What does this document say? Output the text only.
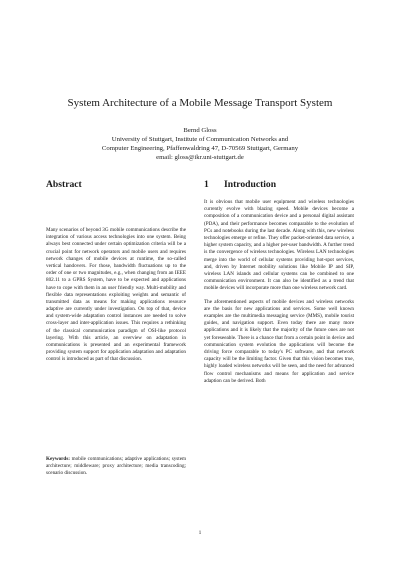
System Architecture of a Mobile Message Transport System
Bernd Gloss
University of Stuttgart, Institute of Communication Networks and
Computer Engineering, Pfaffenwaldring 47, D-70569 Stuttgart, Germany
email: gloss@ikr.uni-stuttgart.de
Abstract	1 Introduction

Many scenarios of beyond 3G mobile communications describe the integration of various access technologies into one system. Being always best connected under certain optimization criteria will be a crucial point for network operators and mobile users and requires network changes of mobile devices at runtime, the so-called vertical handovers. For those, bandwidth fluctuations up to the order of one or two magnitudes, e.g., when changing from an IEEE 802.11 to a GPRS System, have to be expected and applications have to cope with them in an user friendly way. Multi-mobility and flexible data representations exploiting weights and semantic of transmitted data as means for making applications resource adaptive are currently under investigation. On top of that, device and system-wide adaptation control instances are needed to solve cross-layer and inter-application issues. This requires a rethinking of the classical communication paradigm of OSI-like protocol layering. With this article, an overview on adaptation in communications is presented and an experimental framework providing system support for application adaptation and adaptation control is introduced as part of that discussion.

Keywords: mobile communications; adaptive applications; system architecture; middleware; proxy architecture; media transcoding; scenario discussion.

It is obvious that mobile user equipment and wireless technologies currently evolve with blazing speed. Mobile devices become a composition of a communication device and a personal digital assistant (PDA), and their performance becomes comparable to the evolution of PCs and notebooks during the last decade. Along with this, new wireless technologies emerge or refine. They offer packet-oriented data service, a higher system capacity, and a higher per-user bandwidth. A further trend is the convergence of wireless technologies. Wireless LAN technologies merge into the world of cellular systems providing hot-spot services, and, driven by Internet mobility solutions like Mobile IP and SIP, wireless LAN islands and cellular systems can be combined to one communication environment. It can also be identified as a trend that mobile devices will incorporate more than one wireless network card.

The aforementioned aspects of mobile devices and wireless networks are the basis for new applications and services. Some well known examples are the multimedia messaging service (MMS), mobile tourist guides, and navigation support. Even today there are many more applications and it is likely that the majority of the future ones are not yet foreseeable. There is a chance that from a certain point in device and communication system evolution the applications will become the driving force comparable to today's PC software, and that network capacity will be the limiting factor. Given that this vision becomes true, highly loaded wireless networks will be seen, and the need for advanced flow control mechanisms and means for application and service adaption can be derived. Both

1
